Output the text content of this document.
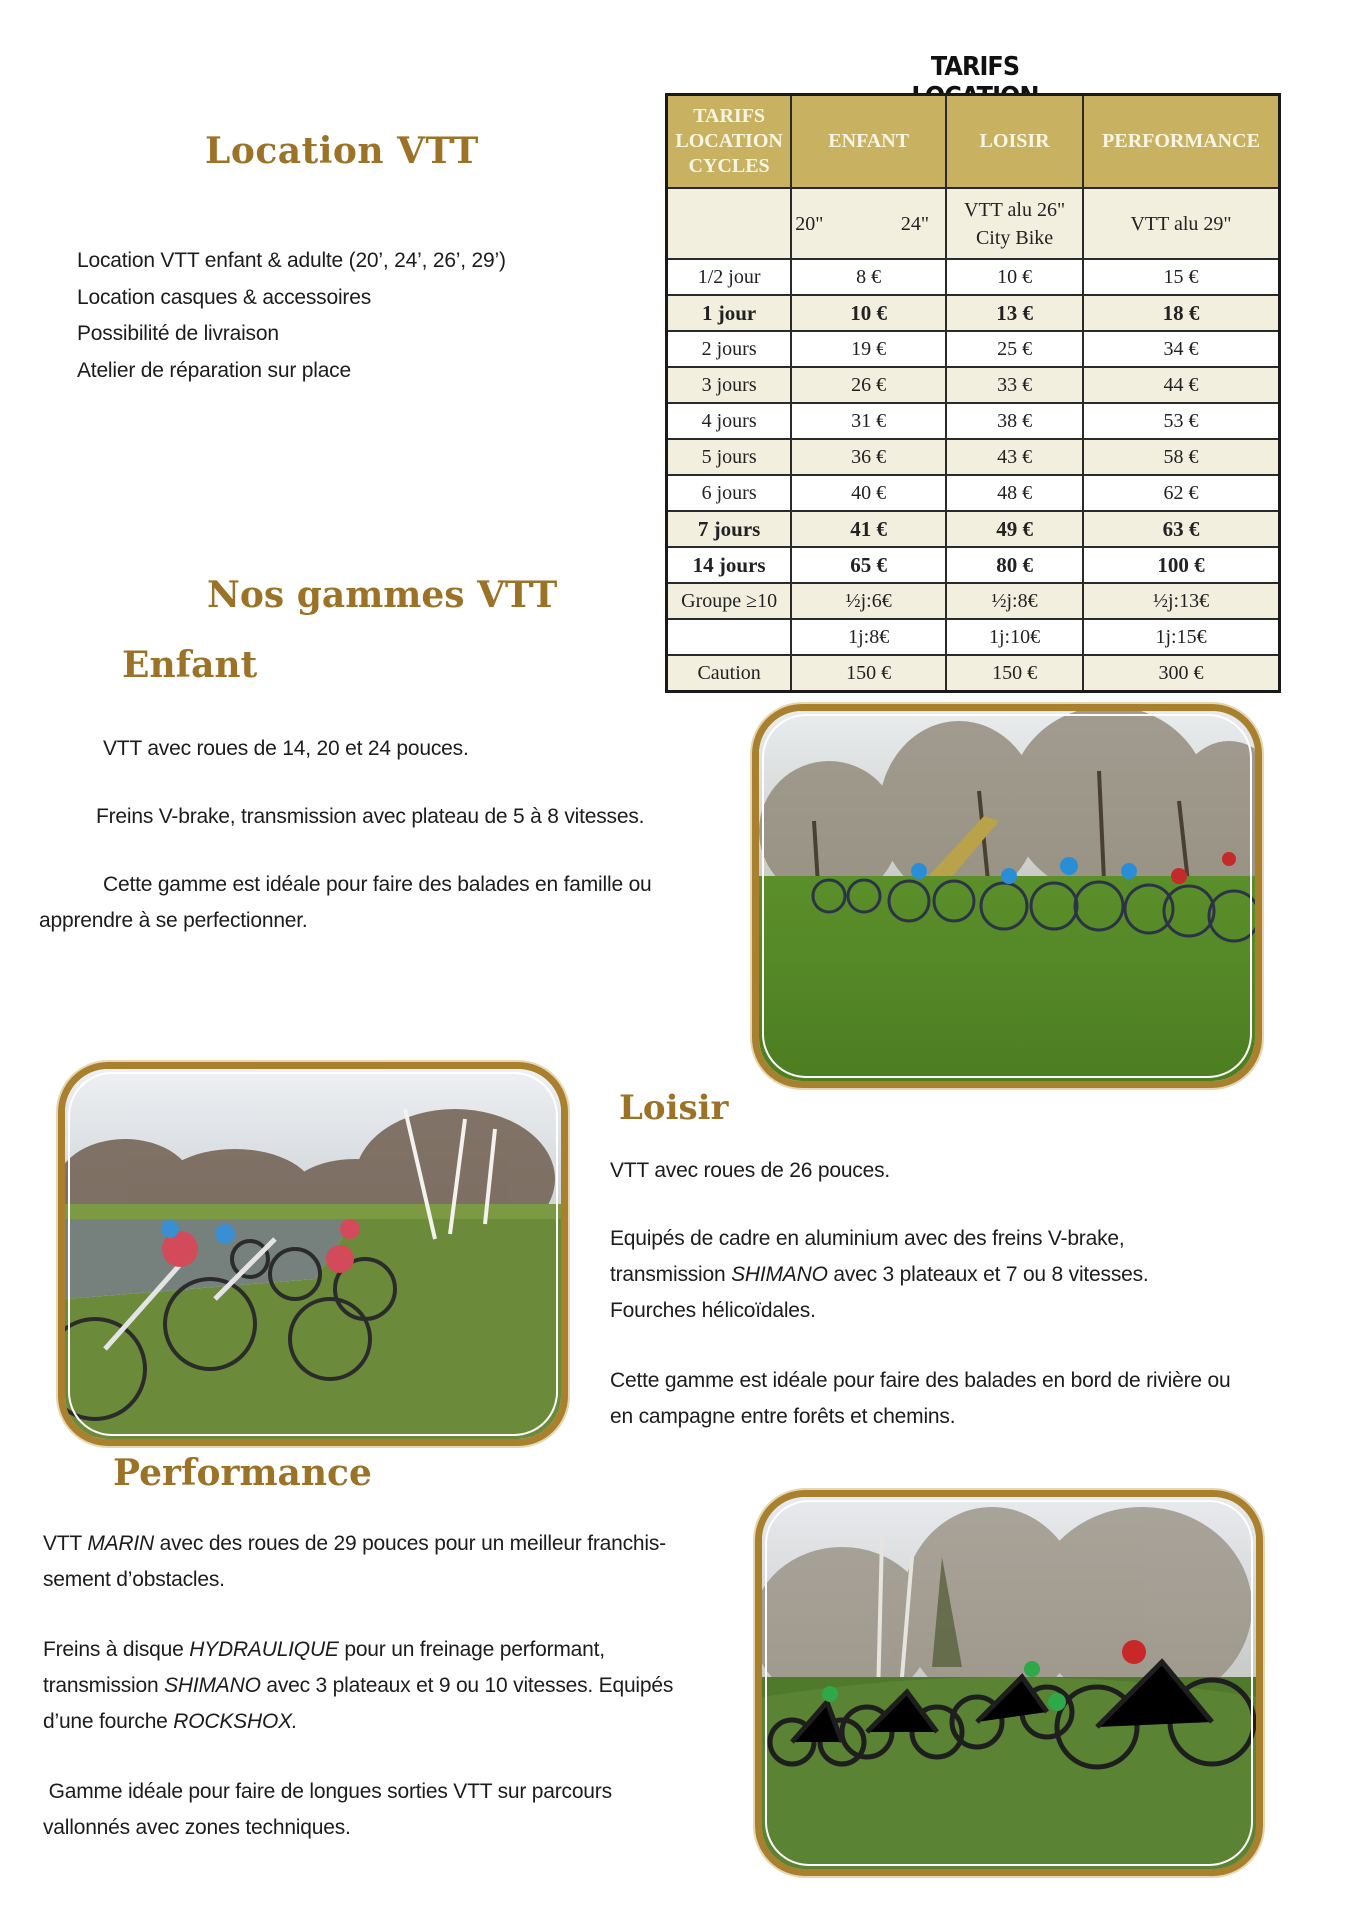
Location VTT
Location VTT enfant & adulte (20’, 24’, 26’, 29’)
Location casques & accessoires
Possibilité de livraison
Atelier de réparation sur place
TARIFS
TARIFS
LOCATION
CYCLES
	ENFANT	LOISIR	PERFORMANCE

20"	24"

VTT alu 26"
City Bike
	VTT alu 29"
1/2 jour	8 €	10 €	15 €
1 jour	10 €	13 €	18 €
2 jours	19 €	25 €	34 €
3 jours	26 €	33 €	44 €
4 jours	31 €	38 €	53 €
5 jours	36 €	43 €	58 €
6 jours	40 €	48 €	62 €
7 jours	41 €	49 €	63 €
14 jours	65 €	80 €	100 €
Groupe ≥10	½j:6€	½j:8€	½j:13€
	1j:8€	1j:10€	1j:15€
Caution	150 €	150 €	300 €
Nos gammes VTT
Enfant
VTT avec roues de 14, 20 et 24 pouces.
Freins V-brake, transmission avec plateau de 5 à 8 vitesses.
Cette gamme est idéale pour faire des balades en famille ou
apprendre à se perfectionner.
Loisir
VTT avec roues de 26 pouces.
Equipés de cadre en aluminium avec des freins V-brake,
transmission SHIMANO avec 3 plateaux et 7 ou 8 vitesses.
Fourches hélicoïdales.
Cette gamme est idéale pour faire des balades en bord de rivière ou
en campagne entre forêts et chemins.
Performance
VTT MARIN avec des roues de 29 pouces pour un meilleur franchis-
sement d’obstacles.
Freins à disque HYDRAULIQUE pour un freinage performant,
transmission SHIMANO avec 3 plateaux et 9 ou 10 vitesses. Equipés
d’une fourche ROCKSHOX.
Gamme idéale pour faire de longues sorties VTT sur parcours
vallonnés avec zones techniques.
